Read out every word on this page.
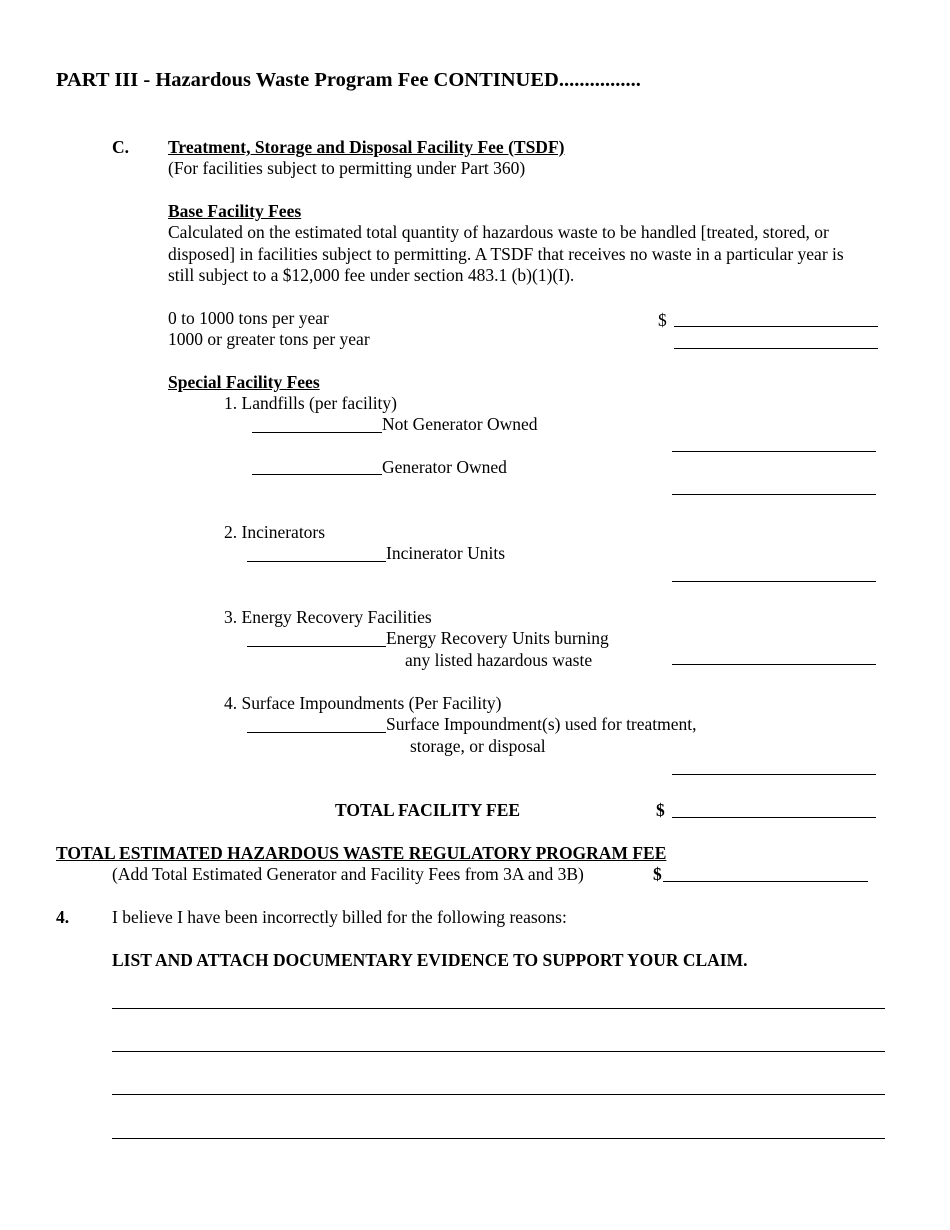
PART III - Hazardous Waste Program Fee CONTINUED................
C. Treatment, Storage and Disposal Facility Fee (TSDF)
(For facilities subject to permitting under Part 360)
Base Facility Fees
Calculated on the estimated total quantity of hazardous waste to be handled [treated, stored, or
disposed] in facilities subject to permitting. A TSDF that receives no waste in a particular year is
still subject to a $12,000 fee under section 483.1 (b)(1)(I).
0 to 1000 tons per year	$
1000 or greater tons per year
Special Facility Fees
1. Landfills (per facility)
Not Generator Owned
Generator Owned
2. Incinerators
Incinerator Units
3. Energy Recovery Facilities
Energy Recovery Units burning
any listed hazardous waste
4. Surface Impoundments (Per Facility)
Surface Impoundment(s) used for treatment,
storage, or disposal
TOTAL FACILITY FEE	$
TOTAL ESTIMATED HAZARDOUS WASTE REGULATORY PROGRAM FEE
(Add Total Estimated Generator and Facility Fees from 3A and 3B)	$
4. I believe I have been incorrectly billed for the following reasons:
LIST AND ATTACH DOCUMENTARY EVIDENCE TO SUPPORT YOUR CLAIM.
